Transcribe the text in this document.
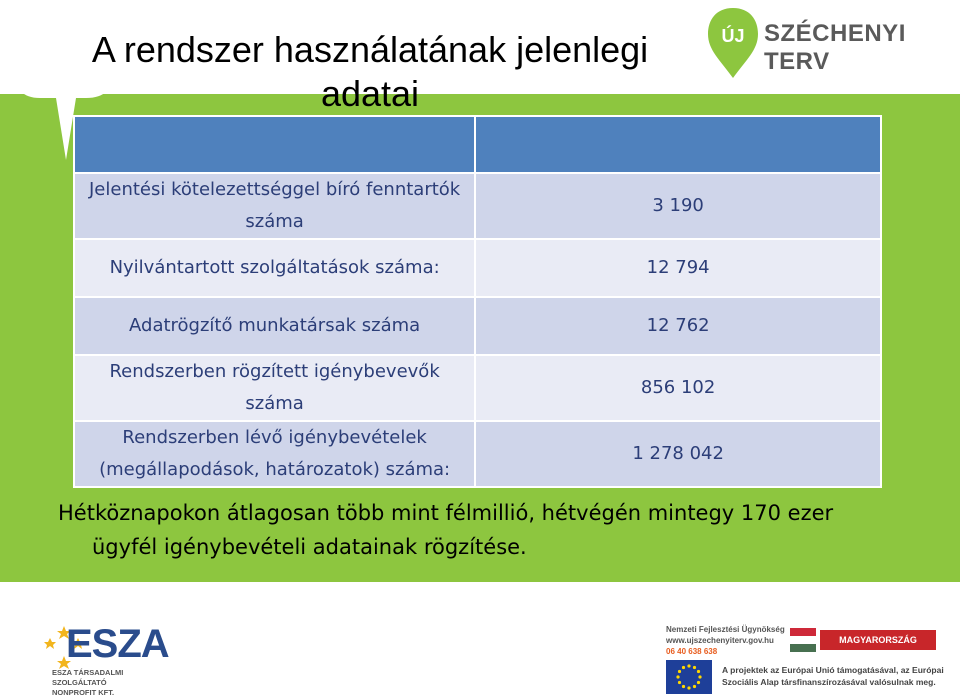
A rendszer használatának jelenlegi
adatai
ÚJ SZÉCHENYI TERV

Jelentési kötelezettséggel bíró fenntartók száma	3 190
Nyilvántartott szolgáltatások száma:	12 794
Adatrögzítő munkatársak száma	12 762
Rendszerben rögzített igénybevevők száma	856 102
Rendszerben lévő igénybevételek (megállapodások, határozatok) száma:	1 278 042
Hétköznapokon átlagosan több mint félmillió, hétvégén mintegy 170 ezer
ügyfél igénybevételi adatainak rögzítése.
ESZA
ESZA TÁRSADALMI SZOLGÁLTATÓ
NONPROFIT KFT.
Nemzeti Fejlesztési Ügynökség
www.ujszechenyiterv.gov.hu
06 40 638 638
MAGYARORSZÁG MEGÚJUL
A projektek az Európai Unió támogatásával, az Európai Szociális Alap társfinanszírozásával valósulnak meg.
